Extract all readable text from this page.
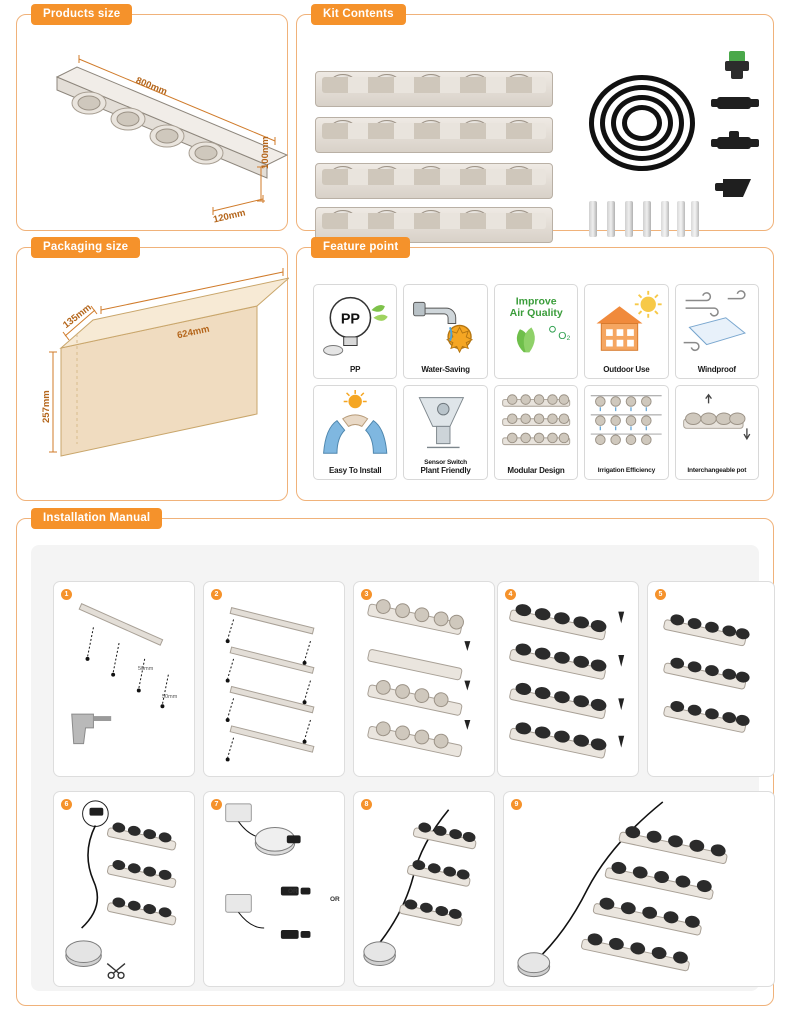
Products size
800mm
100mm
120mm
Kit Contents
Packaging size
135mm
624mm
257mm
Feature point
PP
PP	Water-Saving
Improve
Air Quality
O₂
Outdoor Use	Windproof
Easy To Install
Sensor Switch
Plant Friendly	Modular Design	Irrigation Efficiency	Interchangeable pot
Installation Manual
1
50mm
50mm
2	3	4	5
6	7
OR
OR
8	9
